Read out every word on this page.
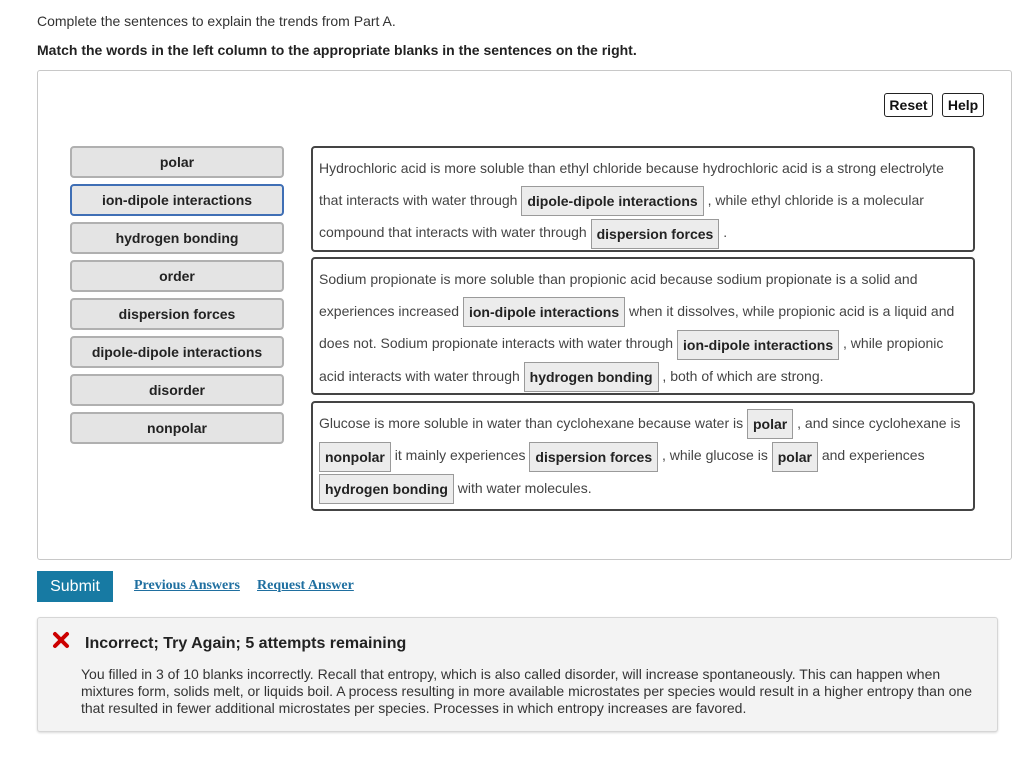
Complete the sentences to explain the trends from Part A.
Match the words in the left column to the appropriate blanks in the sentences on the right.
Reset	Help
polar
ion-dipole interactions
hydrogen bonding
order
dispersion forces
dipole-dipole interactions
disorder
nonpolar
Hydrochloric acid is more soluble than ethyl chloride because hydrochloric acid is a strong electrolyte that interacts with water through dipole-dipole interactions , while ethyl chloride is a molecular compound that interacts with water through dispersion forces .
Sodium propionate is more soluble than propionic acid because sodium propionate is a solid and experiences increased ion-dipole interactions when it dissolves, while propionic acid is a liquid and does not. Sodium propionate interacts with water through ion-dipole interactions , while propionic acid interacts with water through hydrogen bonding , both of which are strong.
Glucose is more soluble in water than cyclohexane because water is polar , and since cyclohexane is nonpolar it mainly experiences dispersion forces , while glucose is polar and experiences hydrogen bonding with water molecules.
Submit	Previous Answers Request Answer
Incorrect; Try Again; 5 attempts remaining
You filled in 3 of 10 blanks incorrectly. Recall that entropy, which is also called disorder, will increase spontaneously. This can happen when mixtures form, solids melt, or liquids boil. A process resulting in more available microstates per species would result in a higher entropy than one that resulted in fewer additional microstates per species. Processes in which entropy increases are favored.
